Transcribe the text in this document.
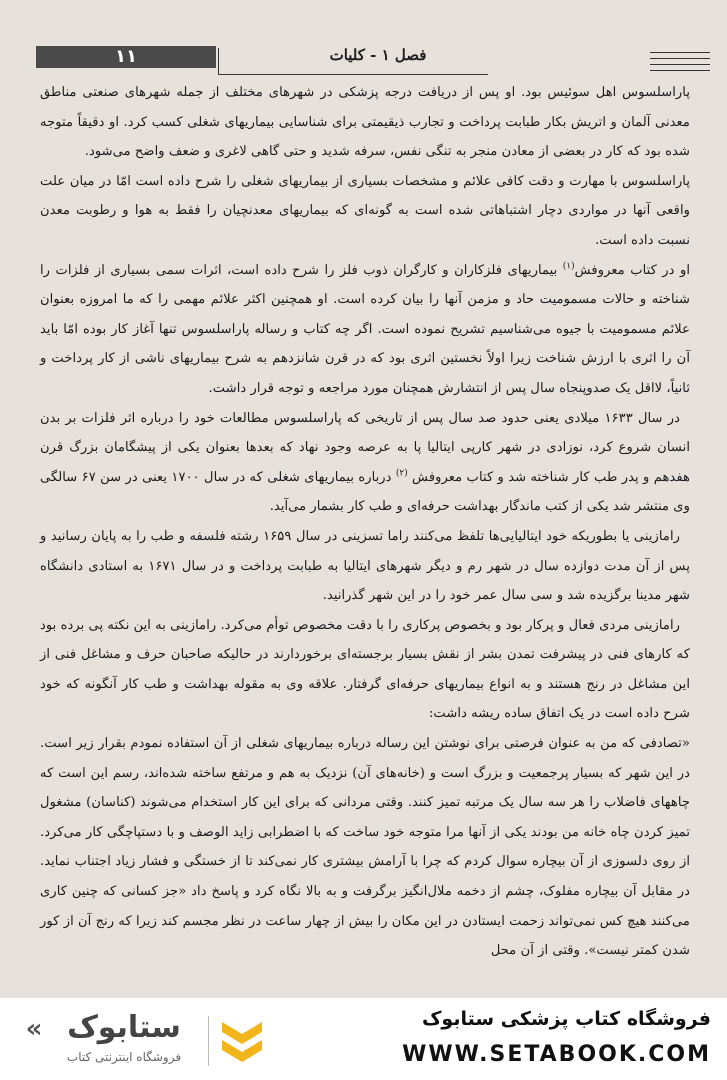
۱۱	فصل ۱ - کلیات

پاراسلسوس اهل سوئیس بود. او پس از دریافت درجه پزشکی در شهرهای مختلف از جمله شهرهای صنعتی مناطق معدنی آلمان و اتریش بکار طبابت پرداخت و تجارب ذیقیمتی برای شناسایی بیماریهای شغلی کسب کرد. او دقیقاً متوجه شده بود که کار در بعضی از معادن منجر به تنگی نفس، سرفه شدید و حتی گاهی لاغری و ضعف واضح می‌شود.

پاراسلسوس با مهارت و دقت کافی علائم و مشخصات بسیاری از بیماریهای شغلی را شرح داده است امّا در میان علت واقعی آنها در مواردی دچار اشتباهاتی شده است به گونه‌ای که بیماریهای معدنچیان را فقط به هوا و رطوبت معدن نسبت داده است.

او در کتاب معروفش$^{(۱)}$ بیماریهای فلزکاران و کارگران ذوب فلز را شرح داده است، اثرات سمی بسیاری از فلزات را شناخته و حالات مسمومیت حاد و مزمن آنها را بیان کرده است. او همچنین اکثر علائم مهمی را که ما امروزه بعنوان علائم مسمومیت با جیوه می‌شناسیم تشریح نموده است. اگر چه کتاب و رساله پاراسلسوس تنها آغاز کار بوده امّا باید آن را اثری با ارزش شناخت زیرا اولاً نخستین اثری بود که در قرن شانزدهم به شرح بیماریهای ناشی از کار پرداخت و ثانیاً، لااقل یک صدوپنجاه سال پس از انتشارش همچنان مورد مراجعه و توجه قرار داشت.

در سال ۱۶۳۳ میلادی یعنی حدود صد سال پس از تاریخی که پاراسلسوس مطالعات خود را درباره اثر فلزات بر بدن انسان شروع کرد، نوزادی در شهر کارپی ایتالیا پا به عرصه وجود نهاد که بعدها بعنوان یکی از پیشگامان بزرگ قرن هفدهم و پدر طب کار شناخته شد و کتاب معروفش $^{(۲)}$ درباره بیماریهای شغلی که در سال ۱۷۰۰ یعنی در سن ۶۷ سالگی وی منتشر شد یکی از کتب ماندگار بهداشت حرفه‌ای و طب کار بشمار می‌آید.

رامازینی یا بطوریکه خود ایتالیایی‌ها تلفظ می‌کنند راما تسزینی در سال ۱۶۵۹ رشته فلسفه و طب را به پایان رسانید و پس از آن مدت دوازده سال در شهر رم و دیگر شهرهای ایتالیا به طبابت پرداخت و در سال ۱۶۷۱ به استادی دانشگاه شهر مدینا برگزیده شد و سی سال عمر خود را در این شهر گذرانید.

رامازینی مردی فعال و پرکار بود و بخصوص پرکاری را با دقت مخصوص توأم می‌کرد. رامازینی به این نکته پی برده بود که کارهای فنی در پیشرفت تمدن بشر از نقش بسیار برجسته‌ای برخوردارند در حالیکه صاحبان حرف و مشاغل فنی از این مشاغل در رنج هستند و به انواع بیماریهای حرفه‌ای گرفتار. علاقه وی به مقوله بهداشت و طب کار آنگونه که خود شرح داده است در یک اتفاق ساده ریشه داشت:

«تصادفی که من به عنوان فرصتی برای نوشتن این رساله درباره بیماریهای شغلی از آن استفاده نمودم بقرار زیر است. در این شهر که بسیار پرجمعیت و بزرگ است و (خانه‌های آن) نزدیک به هم و مرتفع ساخته شده‌اند، رسم این است که چاههای فاضلاب را هر سه سال یک مرتبه تمیز کنند. وقتی مردانی که برای این کار استخدام می‌شوند (کناسان) مشغول تمیز کردن چاه خانه من بودند یکی از آنها مرا متوجه خود ساخت که با اضطرابی زاید الوصف و با دستپاچگی کار می‌کرد. از روی دلسوزی از آن بیچاره سوال کردم که چرا با آرامش بیشتری کار نمی‌کند تا از خستگی و فشار زیاد اجتناب نماید. در مقابل آن بیچاره مفلوک، چشم از دخمه ملال‌انگیز برگرفت و به بالا نگاه کرد و پاسخ داد «جز کسانی که چنین کاری می‌کنند هیچ کس نمی‌تواند زحمت ایستادن در این مکان را بیش از چهار ساعت در نظر مجسم کند زیرا که رنج آن از کور شدن کمتر نیست». وقتی از آن محل

« ستابوک
فروشگاه اینترنتی کتاب
فروشگاه کتاب پزشکی ستابوک
WWW.SETABOOK.COM
